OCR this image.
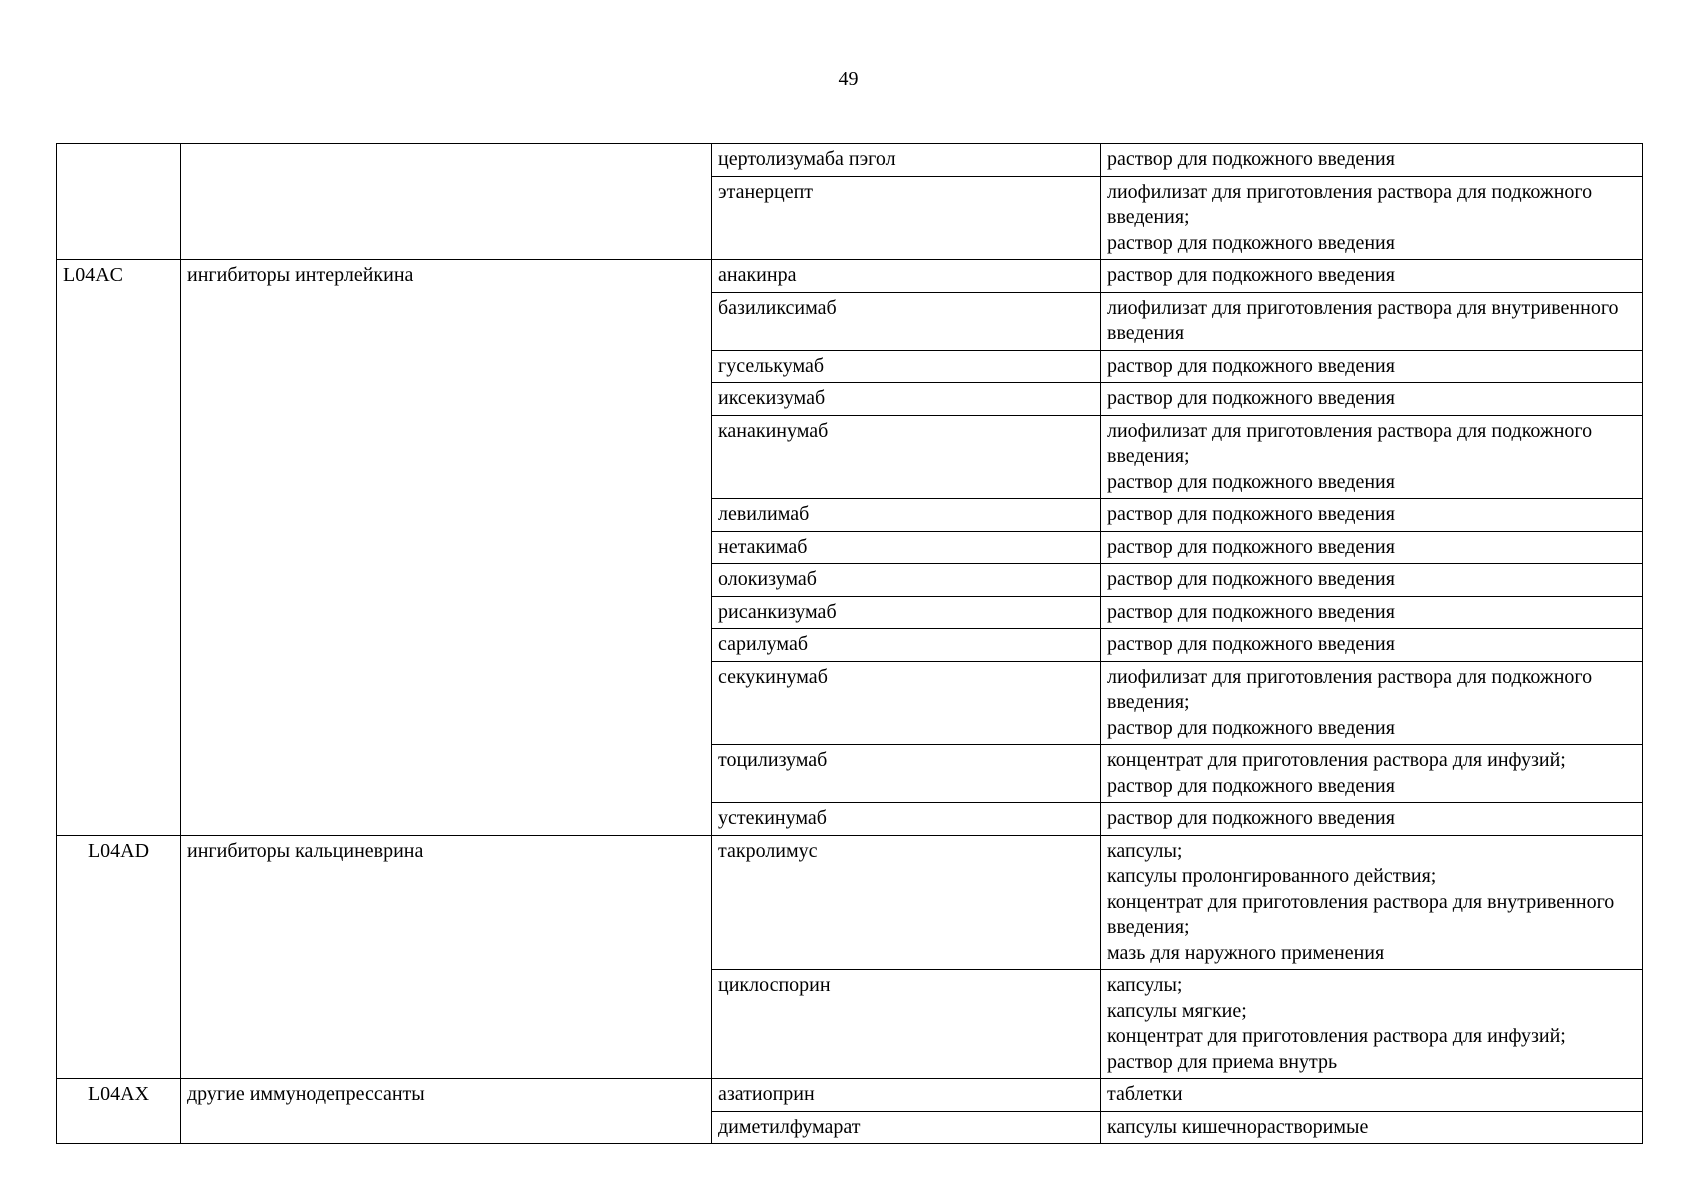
49
		цертолизумаба пэгол	раствор для подкожного введения

		этанерцепт	лиофилизат для приготовления раствора для подкожного введения;
раствор для подкожного введения

L04AC	ингибиторы интерлейкина	анакинра	раствор для подкожного введения

		базиликсимаб	лиофилизат для приготовления раствора для внутривенного введения

		гуселькумаб	раствор для подкожного введения

		иксекизумаб	раствор для подкожного введения

		канакинумаб	лиофилизат для приготовления раствора для подкожного введения;
раствор для подкожного введения

		левилимаб	раствор для подкожного введения

		нетакимаб	раствор для подкожного введения

		олокизумаб	раствор для подкожного введения

		рисанкизумаб	раствор для подкожного введения

		сарилумаб	раствор для подкожного введения

		секукинумаб	лиофилизат для приготовления раствора для подкожного введения;
раствор для подкожного введения

		тоцилизумаб	концентрат для приготовления раствора для инфузий;
раствор для подкожного введения

		устекинумаб	раствор для подкожного введения

L04AD	ингибиторы кальциневрина	такролимус	капсулы;
капсулы пролонгированного действия;
концентрат для приготовления раствора для внутривенного введения;
мазь для наружного применения

		циклоспорин	капсулы;
капсулы мягкие;
концентрат для приготовления раствора для инфузий;
раствор для приема внутрь

L04AX	другие иммунодепрессанты	азатиоприн	таблетки

		диметилфумарат	капсулы кишечнорастворимые
